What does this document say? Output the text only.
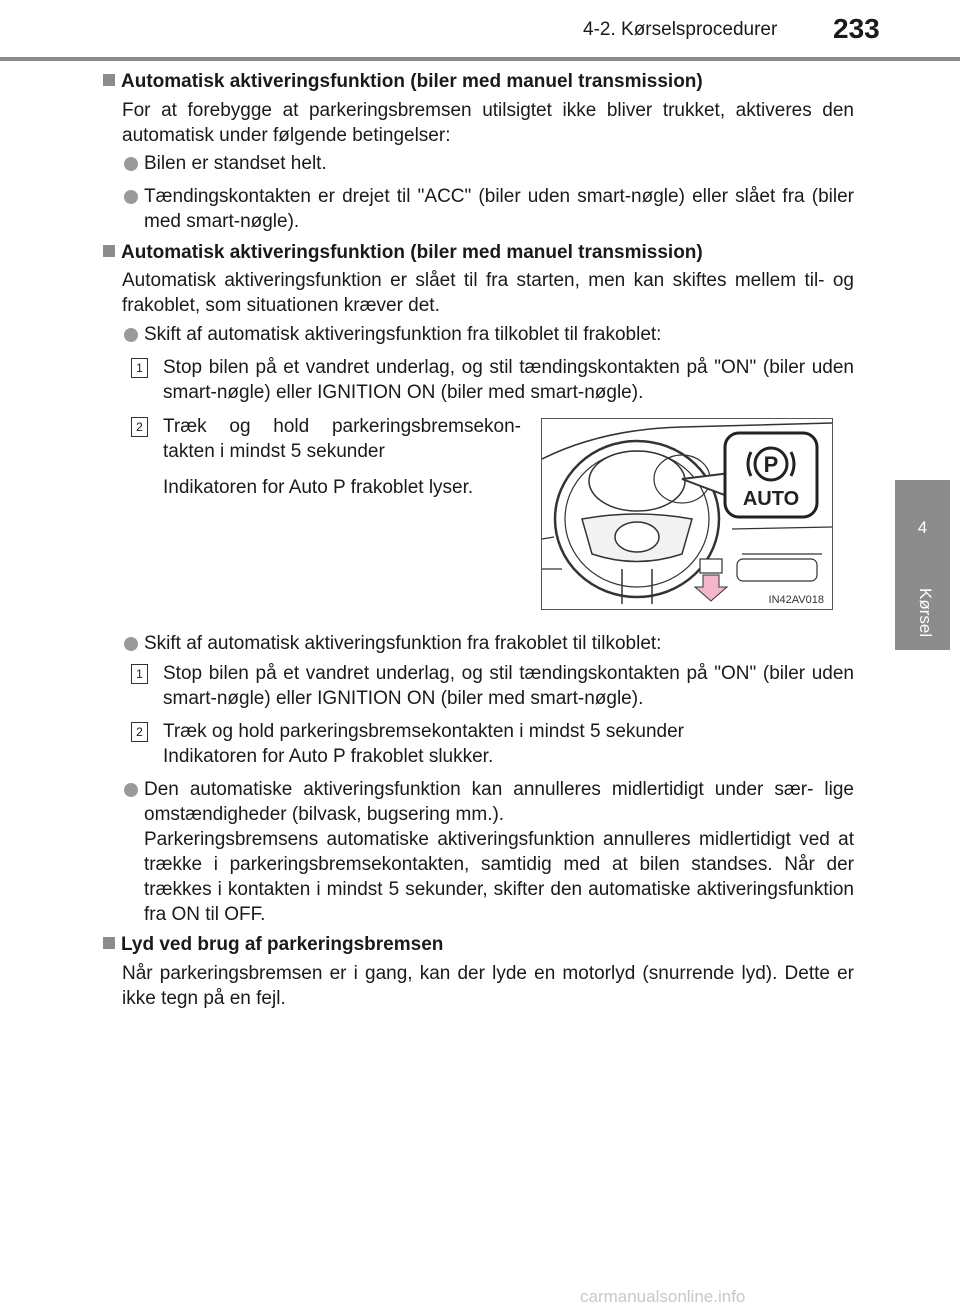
4-2. Kørselsprocedurer 233
4
Kørsel
Automatisk aktiveringsfunktion (biler med manuel transmission)
For at forebygge at parkeringsbremsen utilsigtet ikke bliver trukket, aktiveres den automatisk under følgende betingelser:
Bilen er standset helt.
Tændingskontakten er drejet til "ACC" (biler uden smart-nøgle) eller slået fra (biler med smart-nøgle).
Automatisk aktiveringsfunktion (biler med manuel transmission)
Automatisk aktiveringsfunktion er slået til fra starten, men kan skiftes mellem til- og frakoblet, som situationen kræver det.
Skift af automatisk aktiveringsfunktion fra tilkoblet til frakoblet:
1 Stop bilen på et vandret underlag, og stil tændingskontakten på "ON" (biler uden smart-nøgle) eller IGNITION ON (biler med smart-nøgle).
2 Træk og hold parkeringsbremsekon- takten i mindst 5 sekunder
Indikatoren for Auto P frakoblet lyser.
P
AUTO
IN42AV018
Skift af automatisk aktiveringsfunktion fra frakoblet til tilkoblet:
1 Stop bilen på et vandret underlag, og stil tændingskontakten på "ON" (biler uden smart-nøgle) eller IGNITION ON (biler med smart-nøgle).
2 Træk og hold parkeringsbremsekontakten i mindst 5 sekunder
Indikatoren for Auto P frakoblet slukker.
Den automatiske aktiveringsfunktion kan annulleres midlertidigt under sær- lige omstændigheder (bilvask, bugsering mm.).
Parkeringsbremsens automatiske aktiveringsfunktion annulleres midlertidigt ved at trække i parkeringsbremsekontakten, samtidig med at bilen standses. Når der trækkes i kontakten i mindst 5 sekunder, skifter den automatiske aktiveringsfunktion fra ON til OFF.
Lyd ved brug af parkeringsbremsen
Når parkeringsbremsen er i gang, kan der lyde en motorlyd (snurrende lyd). Dette er ikke tegn på en fejl.
carmanualsonline.info
